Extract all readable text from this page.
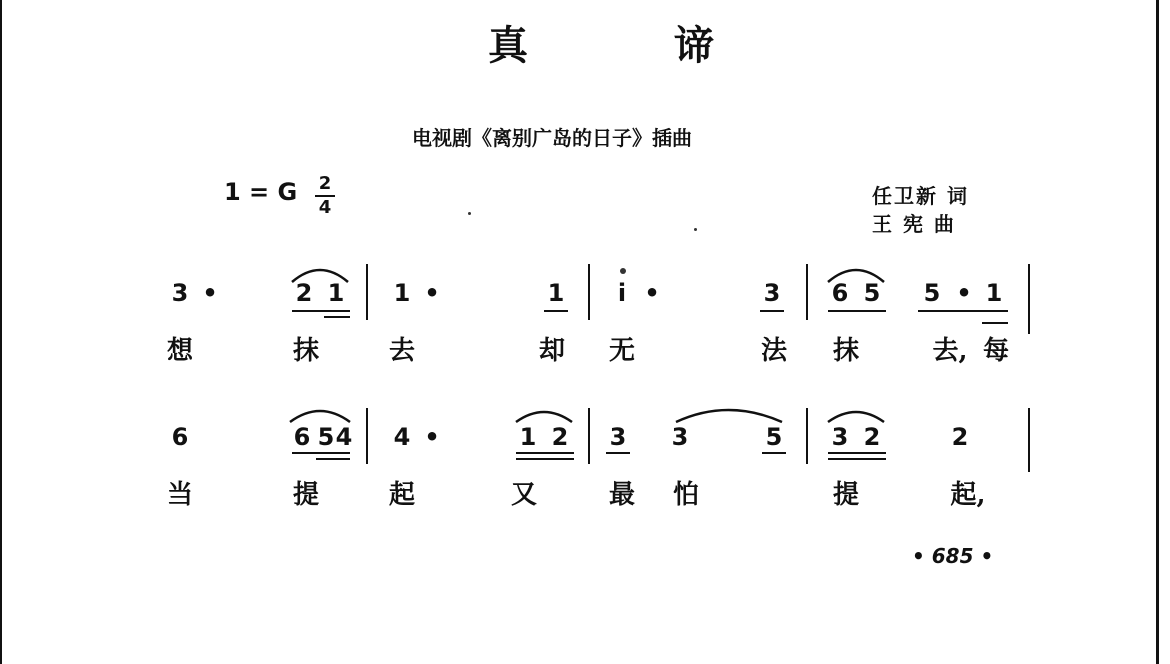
真	谛
电视剧《离别广岛的日子》插曲
1 = G	2
4	任卫新 词
王 宪 曲
3 •	2 1 1 •	1 i •	3 6 5 5 • 1
想	抹	去	却 无	法 抹	去, 每
6	6 5 4 4 •	1 2 3 3	5 3 2	2
当	提	起	又	最 怕	提	起,
• 685 •
